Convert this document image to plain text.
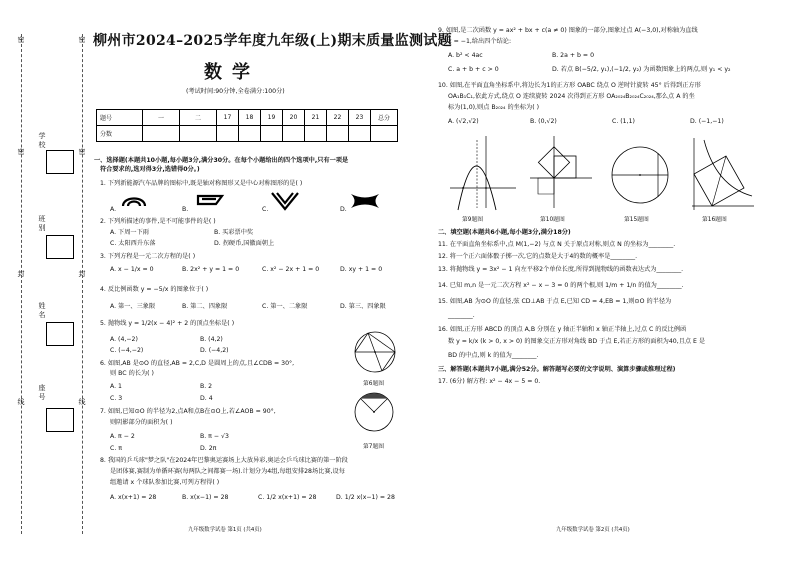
密	密
密	密
封	封
线	线
学校
班别
姓名
座号
柳州市2024–2025学年度九年级(上)期末质量监测试题
数学
(考试时间:90分钟,全卷满分:100分)
题号	一	二	17	18	19	20	21	22	23	总分
分数										
一、选择题(本题共10小题,每小题3分,满分30分。在每个小题给出的四个选项中,只有一项是
符合要求的,选对得3分,选错得0分。)
1. 下列新能源汽车品牌的图标中,既是轴对称图形又是中心对称图形的是( )
A.	B.	C.	D.
2. 下列所描述的事件,是不可能事件的是( )
A. 下周一下雨	B. 买彩票中奖
C. 太阳西升东落	D. 拐硬币,国徽面朝上
3. 下列方程是一元二次方程的是( )
A. x − 1/x = 0	B. 2x² + y = 1 = 0	C. x² − 2x + 1 = 0	D. xy + 1 = 0
4. 反比例函数 y = −5/x 的图象位于( )
A. 第一、三象限	B. 第二、四象限	C. 第一、二象限	D. 第三、四象限
5. 抛物线 y = 1/2(x − 4)² + 2 的顶点坐标是( )
A. (4,−2)	B. (4,2)
C. (−4,−2)	D. (−4,2)
6. 如图,AB 是⊙O 的直径,AB = 2,C,D 是圆周上的点,且∠CDB = 30°,
则 BC 的长为( )
A. 1	B. 2
C. 3	D. 4
第6题图
7. 如图,已知⊙O 的半径为2,点A和点B在⊙O上,若∠AOB = 90°,
则阴影部分的面积为( )
A. π − 2	B. π − √3
C. π	D. 2π	第7题图
8. 我国的乒乓球"梦之队"在2024年巴黎奥运赛场上大放异彩,奥运会乒乓球比赛的第一阶段
是团体赛,赛制为单循环赛(每两队之间都赛一场).计划分为4组,每组安排28场比赛,设每
组邀请 x 个球队参加比赛,可列方程得( )
A. x(x+1) = 28	B. x(x−1) = 28	C. 1/2 x(x+1) = 28	D. 1/2 x(x−1) = 28
九年级数学试卷 第1页 (共4页)
9. 如图,是二次函数 y = ax² + bx + c(a ≠ 0) 图象的一部分,图象过点 A(−3,0),对称轴为直线
x = −1,给出四个结论:
A. b² < 4ac	B. 2a + b = 0
C. a + b + c > 0	D. 若点 B(−5/2, y₁),(−1/2, y₂) 为函数图象上的两点,则 y₁ < y₂
10. 如图,在平面直角坐标系中,将边长为1的正方形 OABC 绕点 O 逆时针旋转 45° 后得到正方形
OA₁B₁C₁,依此方式,绕点 O 连续旋转 2024 次得到正方形 OA₂₀₂₄B₂₀₂₄C₂₀₂₄,那么点 A 的坐
标为(1,0),则点 B₂₀₂₄ 的坐标为( )
A. (√2,√2)	B. (0,√2)	C. (1,1)	D. (−1,−1)
第9题图	第10题图	第15题图	第16题图
二、填空题(本题共6小题,每小题3分,满分18分)
11. 在平面直角坐标系中,点 M(1,−2) 与点 N 关于原点对称,则点 N 的坐标为________.
12. 将一个正六面体骰子掷一次,它的点数是大于4的数的概率是________.
13. 将抛物线 y = 3x² − 1 向左平移2个单位长度,所得到抛物线的函数表达式为________.
14. 已知 m,n 是一元二次方程 x² − x − 3 = 0 的两个根,则 1/m + 1/n 的值为________.
15. 如图,AB 为⊙O 的直径,弦 CD⊥AB 于点 E,已知 CD = 4,EB = 1,则⊙O 的半径为
________.
16. 如图,正方形 ABCD 的顶点 A,B 分别在 y 轴正半轴和 x 轴正半轴上,过点 C 的反比例函
数 y = k/x (k > 0, x > 0) 的图象交正方形对角线 BD 于点 E,若正方形的面积为40,且点 E 是
BD 的中点,则 k 的值为________.
三、解答题(本题共7小题,满分52分。解答题写必要的文字说明、演算步骤或推理过程)
17. (6分) 解方程: x² − 4x − 5 = 0.
九年级数学试卷 第2页 (共4页)
